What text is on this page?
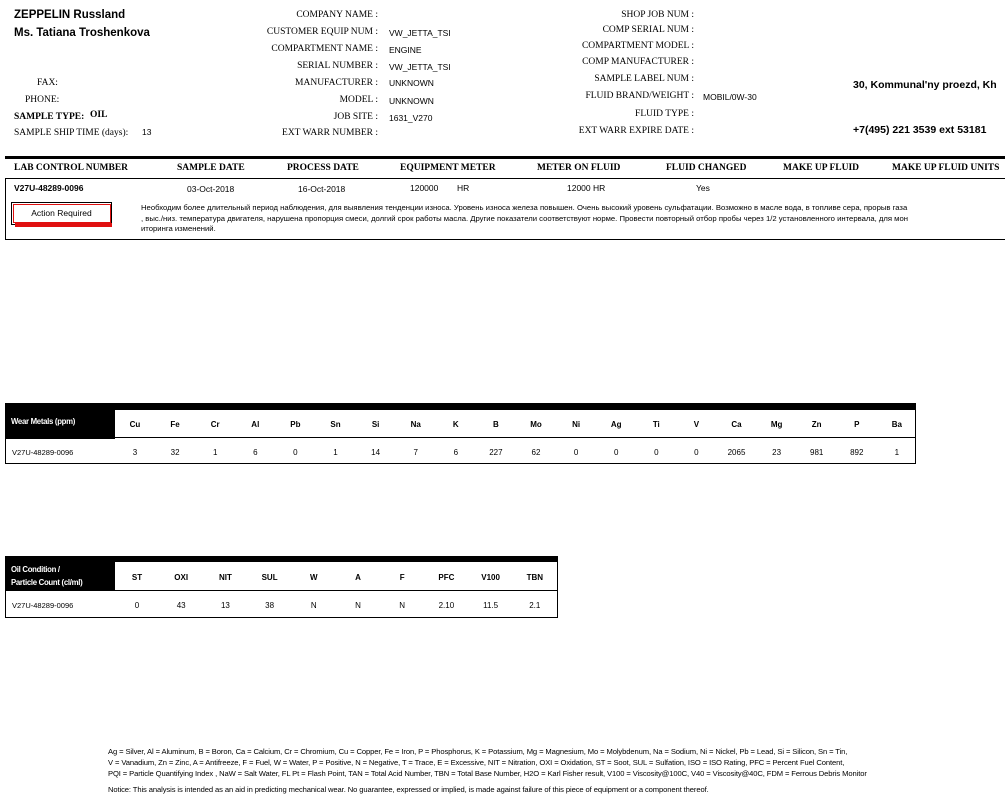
ZEPPELIN Russland
Ms. Tatiana Troshenkova
FAX:
PHONE:
SAMPLE TYPE: OIL
SAMPLE SHIP TIME (days): 13
COMPANY NAME :
CUSTOMER EQUIP NUM : VW_JETTA_TSI
COMPARTMENT NAME : ENGINE
SERIAL NUMBER : VW_JETTA_TSI
MANUFACTURER : UNKNOWN
MODEL : UNKNOWN
JOB SITE : 1631_V270
EXT WARR NUMBER :
SHOP JOB NUM :
COMP SERIAL NUM :
COMPARTMENT MODEL :
COMP MANUFACTURER :
SAMPLE LABEL NUM :
FLUID BRAND/WEIGHT : MOBIL/0W-30
FLUID TYPE :
EXT WARR EXPIRE DATE :
30, Kommunal'ny proezd, Kh
+7(495) 221 3539 ext 53181
LAB CONTROL NUMBER	SAMPLE DATE	PROCESS DATE	EQUIPMENT METER	METER ON FLUID	FLUID CHANGED	MAKE UP FLUID	MAKE UP FLUID UNITS
V27U-48289-0096	03-Oct-2018	16-Oct-2018	120000 HR	12000 HR	Yes
Action Required
Необходим более длительный период наблюдения, для выявления тенденции износа. Уровень износа железа повышен. Очень высокий уровень сульфатации. Возможно в масле вода, в топливе сера, прорыв газа
, выс./низ. температура двигателя, нарушена пропорция смеси, долгий срок работы масла. Другие показатели соответствуют норме. Провести повторный отбор пробы через 1/2 установленного интервала, для мон
иторинга изменений.
Wear Metals (ppm)	Cu	Fe	Cr	Al	Pb	Sn	Si	Na	K	B	Mo	Ni	Ag	Ti	V	Ca	Mg	Zn	P	Ba
V27U-48289-0096	3	32	1	6	0	1	14	7	6	227	62	0	0	0	0	2065	23	981	892	1
Oil Condition /
Particle Count (cl/ml)
ST	OXI	NIT	SUL	W	A	F	PFC	V100	TBN
V27U-48289-0096	0	43	13	38	N	N	N	2.10	11.5	2.1
Ag = Silver, Al = Aluminum, B = Boron, Ca = Calcium, Cr = Chromium, Cu = Copper, Fe = Iron, P = Phosphorus, K = Potassium, Mg = Magnesium, Mo = Molybdenum, Na = Sodium, Ni = Nickel, Pb = Lead, Si = Silicon, Sn = Tin,
V = Vanadium, Zn = Zinc, A = Antifreeze, F = Fuel, W = Water, P = Positive, N = Negative, T = Trace, E = Excessive, NIT = Nitration, OXI = Oxidation, ST = Soot, SUL = Sulfation, ISO = ISO Rating, PFC = Percent Fuel Content,
PQI = Particle Quantifying Index , NaW = Salt Water, FL Pt = Flash Point, TAN = Total Acid Number, TBN = Total Base Number, H2O = Karl Fisher result, V100 = Viscosity@100C, V40 = Viscosity@40C, FDM = Ferrous Debris Monitor
Notice: This analysis is intended as an aid in predicting mechanical wear. No guarantee, expressed or implied, is made against failure of this piece of equipment or a component thereof.
